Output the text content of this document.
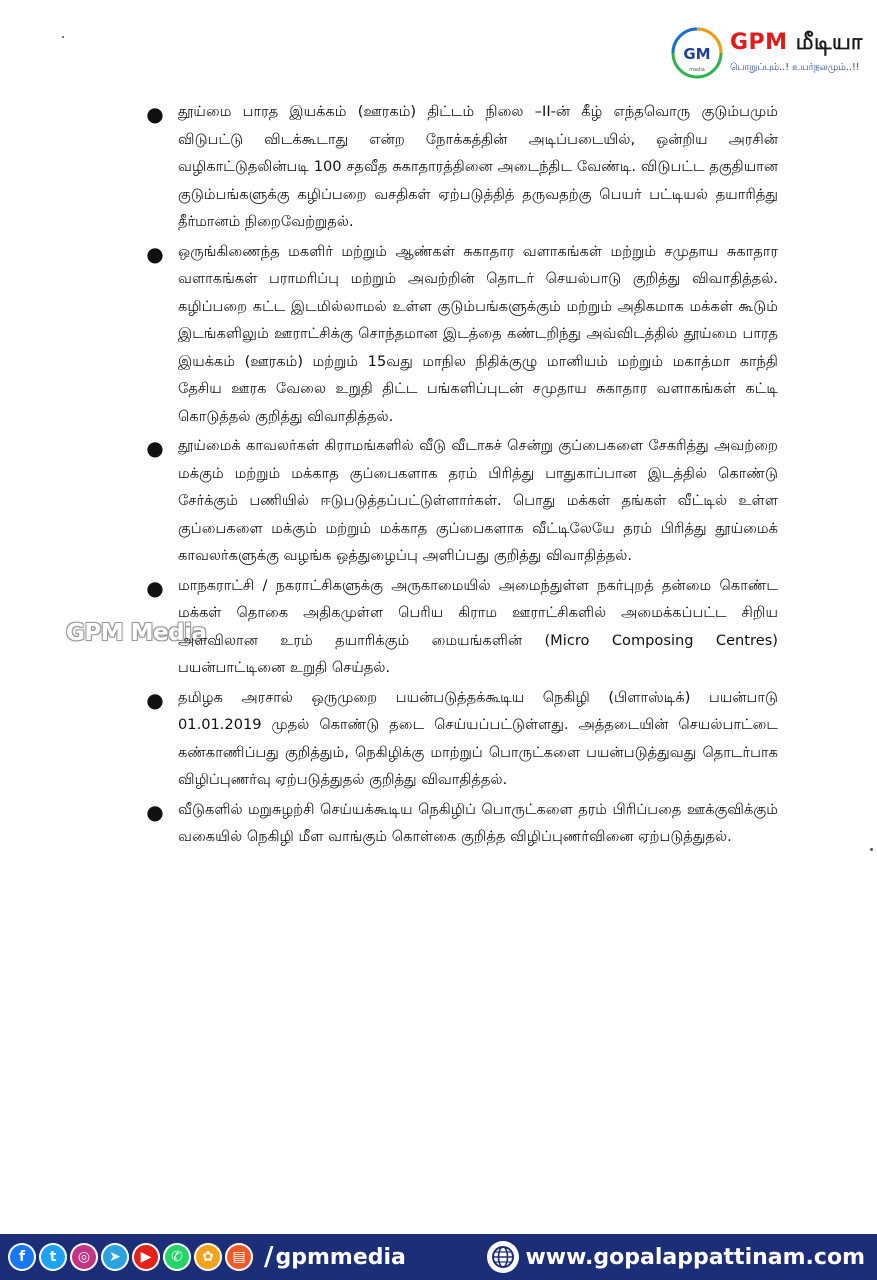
GM
media
GPM மீடியா
பொறுப்பும்..! உயர்நலமும்..!!
GPM Media
● தூய்மை பாரத இயக்கம் (ஊரகம்) திட்டம் நிலை –II-ன் கீழ் எந்தவொரு குடும்பமும் விடுபட்டு விடக்கூடாது என்ற நோக்கத்தின் அடிப்படையில், ஒன்றிய அரசின் வழிகாட்டுதலின்படி 100 சதவீத சுகாதாரத்தினை அடைந்திட வேண்டி. விடுபட்ட தகுதியான குடும்பங்களுக்கு கழிப்பறை வசதிகள் ஏற்படுத்தித் தருவதற்கு பெயர் பட்டியல் தயாரித்து தீர்மானம் நிறைவேற்றுதல்.

● ஒருங்கிணைந்த மகளிர் மற்றும் ஆண்கள் சுகாதார வளாகங்கள் மற்றும் சமுதாய சுகாதார வளாகங்கள் பராமரிப்பு மற்றும் அவற்றின் தொடர் செயல்பாடு குறித்து விவாதித்தல். கழிப்பறை கட்ட இடமில்லாமல் உள்ள குடும்பங்களுக்கும் மற்றும் அதிகமாக மக்கள் கூடும் இடங்களிலும் ஊராட்சிக்கு சொந்தமான இடத்தை கண்டறிந்து அவ்விடத்தில் தூய்மை பாரத இயக்கம் (ஊரகம்) மற்றும் 15வது மாநில நிதிக்குழு மானியம் மற்றும் மகாத்மா காந்தி தேசிய ஊரக வேலை உறுதி திட்ட பங்களிப்புடன் சமுதாய சுகாதார வளாகங்கள் கட்டி கொடுத்தல் குறித்து விவாதித்தல்.

● தூய்மைக் காவலர்கள் கிராமங்களில் வீடு வீடாகச் சென்று குப்பைகளை சேகரித்து அவற்றை மக்கும் மற்றும் மக்காத குப்பைகளாக தரம் பிரித்து பாதுகாப்பான இடத்தில் கொண்டு சேர்க்கும் பணியில் ஈடுபடுத்தப்பட்டுள்ளார்கள். பொது மக்கள் தங்கள் வீட்டில் உள்ள குப்பைகளை மக்கும் மற்றும் மக்காத குப்பைகளாக வீட்டிலேயே தரம் பிரித்து தூய்மைக் காவலர்களுக்கு வழங்க ஒத்துழைப்பு அளிப்பது குறித்து விவாதித்தல்.

● மாநகராட்சி / நகராட்சிகளுக்கு அருகாமையில் அமைந்துள்ள நகர்புறத் தன்மை கொண்ட மக்கள் தொகை அதிகமுள்ள பெரிய கிராம ஊராட்சிகளில் அமைக்கப்பட்ட சிறிய அளவிலான உரம் தயாரிக்கும் மையங்களின் (Micro Composing Centres) பயன்பாட்டினை உறுதி செய்தல்.

● தமிழக அரசால் ஒருமுறை பயன்படுத்தக்கூடிய நெகிழி (பிளாஸ்டிக்) பயன்பாடு 01.01.2019 முதல் கொண்டு தடை செய்யப்பட்டுள்ளது. அத்தடையின் செயல்பாட்டை கண்காணிப்பது குறித்தும், நெகிழிக்கு மாற்றுப் பொருட்களை பயன்படுத்துவது தொடர்பாக விழிப்புணர்வு ஏற்படுத்துதல் குறித்து விவாதித்தல்.

● வீடுகளில் மறுசுழற்சி செய்யக்கூடிய நெகிழிப் பொருட்களை தரம் பிரிப்பதை ஊக்குவிக்கும் வகையில் நெகிழி மீள வாங்கும் கொள்கை குறித்த விழிப்புணர்வினை ஏற்படுத்துதல்.

f	t	◎	➤	▶	✆	✿	▤ / gpmmedia	www.gopalappattinam.com
